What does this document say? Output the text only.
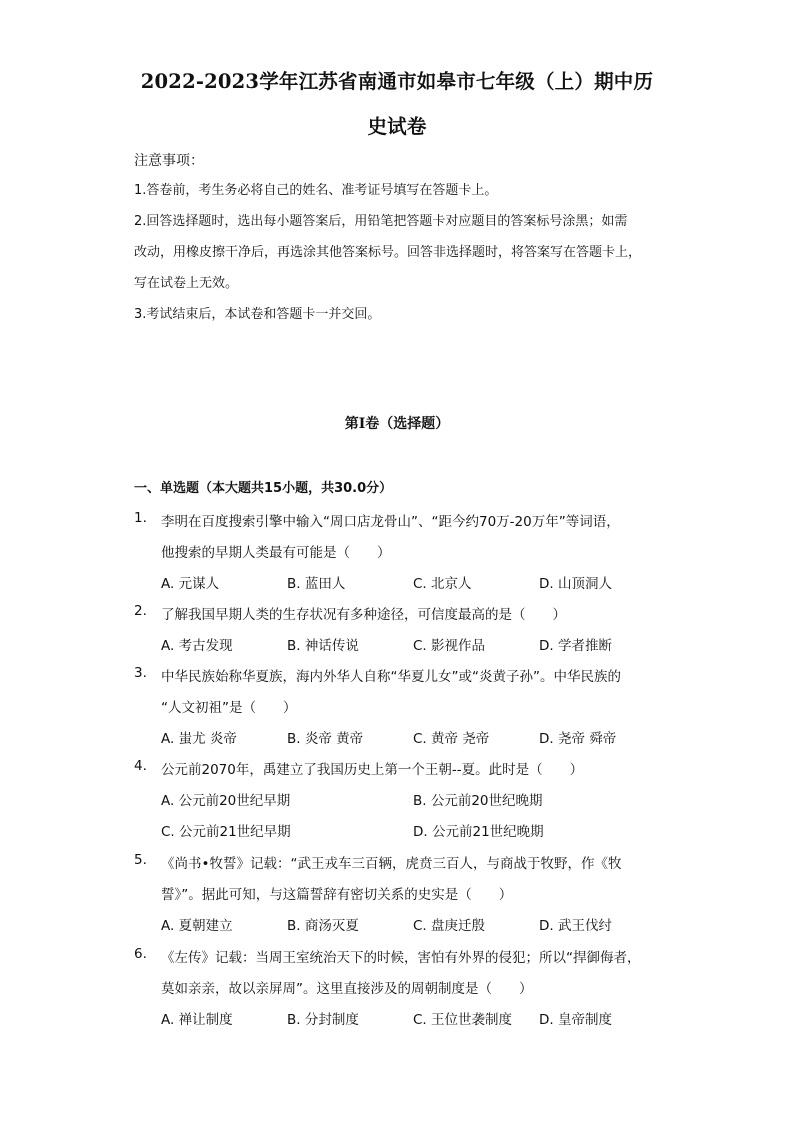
2022-2023学年江苏省南通市如皋市七年级（上）期中历
史试卷
注意事项：
1.答卷前，考生务必将自己的姓名、准考证号填写在答题卡上。
2.回答选择题时，选出每小题答案后，用铅笔把答题卡对应题目的答案标号涂黑；如需
改动，用橡皮擦干净后，再选涂其他答案标号。回答非选择题时，将答案写在答题卡上，
写在试卷上无效。
3.考试结束后，本试卷和答题卡一并交回。
第I卷（选择题）
一、单选题（本大题共15小题，共30.0分）
1.	李明在百度搜索引擎中输入“周口店龙骨山”、“距今约70万-20万年”等词语，
他搜索的早期人类最有可能是（　　）
A. 元谋人	B. 蓝田人	C. 北京人	D. 山顶洞人
2.	了解我国早期人类的生存状况有多种途径，可信度最高的是（　　）
A. 考古发现	B. 神话传说	C. 影视作品	D. 学者推断
3.	中华民族始称华夏族，海内外华人自称“华夏儿女”或“炎黄子孙”。中华民族的
“人文初祖”是（　　）
A. 蚩尤 炎帝	B. 炎帝 黄帝	C. 黄帝 尧帝	D. 尧帝 舜帝
4.	公元前2070年，禹建立了我国历史上第一个王朝--夏。此时是（　　）
A. 公元前20世纪早期	B. 公元前20世纪晚期
C. 公元前21世纪早期	D. 公元前21世纪晚期
5.	《尚书•牧誓》记载：“武王戎车三百辆，虎贲三百人，与商战于牧野，作《牧
誓》”。据此可知，与这篇誓辞有密切关系的史实是（　　）
A. 夏朝建立	B. 商汤灭夏	C. 盘庚迁殷	D. 武王伐纣
6.	《左传》记载：当周王室统治天下的时候，害怕有外界的侵犯；所以“捍御侮者，
莫如亲亲，故以亲屏周”。这里直接涉及的周朝制度是（　　）
A. 禅让制度	B. 分封制度	C. 王位世袭制度 D. 皇帝制度
